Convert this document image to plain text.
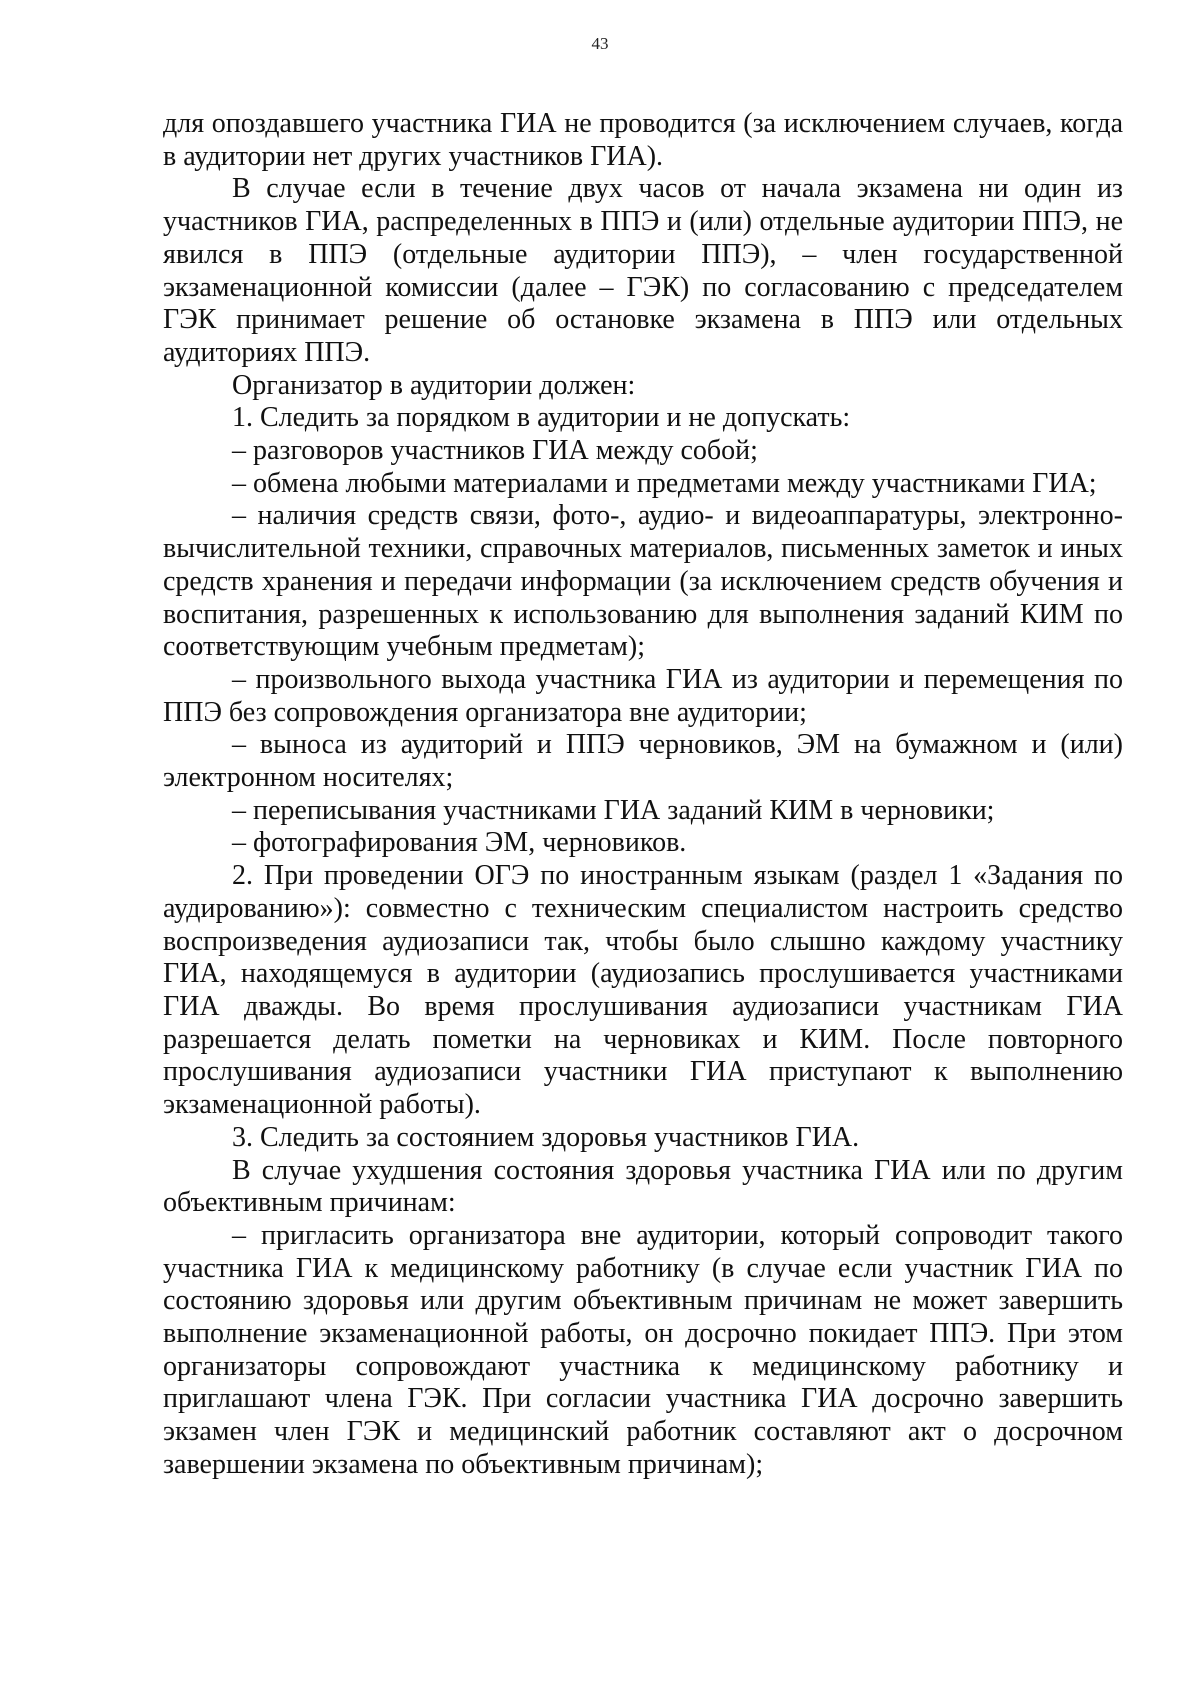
43

для опоздавшего участника ГИА не проводится (за исключением случаев, когда в аудитории нет других участников ГИА).

В случае если в течение двух часов от начала экзамена ни один из участников ГИА, распределенных в ППЭ и (или) отдельные аудитории ППЭ, не явился в ППЭ (отдельные аудитории ППЭ), – член государственной экзаменационной комиссии (далее – ГЭК) по согласованию с председателем ГЭК принимает решение об остановке экзамена в ППЭ или отдельных аудиториях ППЭ.

Организатор в аудитории должен:

1. Следить за порядком в аудитории и не допускать:

– разговоров участников ГИА между собой;

– обмена любыми материалами и предметами между участниками ГИА;

– наличия средств связи, фото-, аудио- и видеоаппаратуры, электронно-вычислительной техники, справочных материалов, письменных заметок и иных средств хранения и передачи информации (за исключением средств обучения и воспитания, разрешенных к использованию для выполнения заданий КИМ по соответствующим учебным предметам);

– произвольного выхода участника ГИА из аудитории и перемещения по ППЭ без сопровождения организатора вне аудитории;

– выноса из аудиторий и ППЭ черновиков, ЭМ на бумажном и (или) электронном носителях;

– переписывания участниками ГИА заданий КИМ в черновики;

– фотографирования ЭМ, черновиков.

2. При проведении ОГЭ по иностранным языкам (раздел 1 «Задания по аудированию»): совместно с техническим специалистом настроить средство воспроизведения аудиозаписи так, чтобы было слышно каждому участнику ГИА, находящемуся в аудитории (аудиозапись прослушивается участниками ГИА дважды. Во время прослушивания аудиозаписи участникам ГИА разрешается делать пометки на черновиках и КИМ. После повторного прослушивания аудиозаписи участники ГИА приступают к выполнению экзаменационной работы).

3. Следить за состоянием здоровья участников ГИА.

В случае ухудшения состояния здоровья участника ГИА или по другим объективным причинам:

– пригласить организатора вне аудитории, который сопроводит такого участника ГИА к медицинскому работнику (в случае если участник ГИА по состоянию здоровья или другим объективным причинам не может завершить выполнение экзаменационной работы, он досрочно покидает ППЭ. При этом организаторы сопровождают участника к медицинскому работнику и приглашают члена ГЭК. При согласии участника ГИА досрочно завершить экзамен член ГЭК и медицинский работник составляют акт о досрочном завершении экзамена по объективным причинам);
